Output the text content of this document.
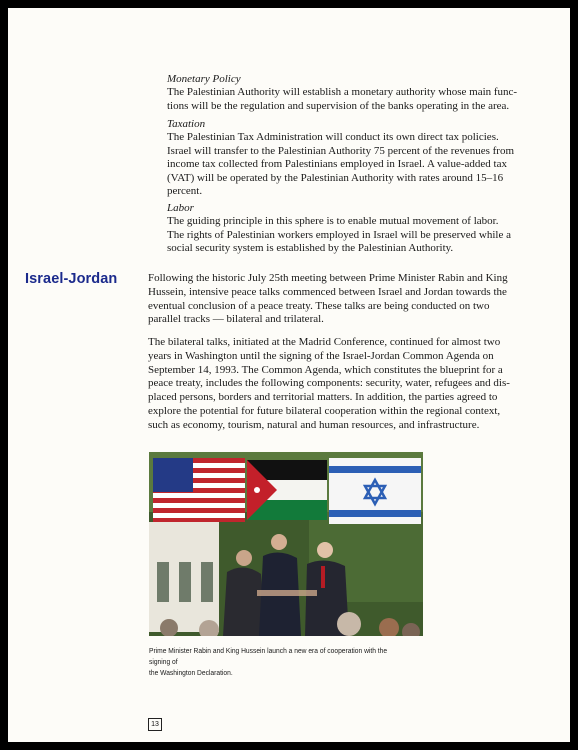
Monetary Policy

The Palestinian Authority will establish a monetary authority whose main func-

tions will be the regulation and supervision of the banks operating in the area.

Taxation

The Palestinian Tax Administration will conduct its own direct tax policies.

Israel will transfer to the Palestinian Authority 75 percent of the revenues from

income tax collected from Palestinians employed in Israel. A value-added tax

(VAT) will be operated by the Palestinian Authority with rates around 15–16

percent.

Labor

The guiding principle in this sphere is to enable mutual movement of labor.

The rights of Palestinian workers employed in Israel will be preserved while a

social security system is established by the Palestinian Authority.

Israel-Jordan	Following the historic July 25th meeting between Prime Minister Rabin and King

Hussein, intensive peace talks commenced between Israel and Jordan towards the

eventual conclusion of a peace treaty. These talks are being conducted on two

parallel tracks — bilateral and trilateral.

The bilateral talks, initiated at the Madrid Conference, continued for almost two

years in Washington until the signing of the Israel-Jordan Common Agenda on

September 14, 1993. The Common Agenda, which constitutes the blueprint for a

peace treaty, includes the following components: security, water, refugees and dis-

placed persons, borders and territorial matters. In addition, the parties agreed to

explore the potential for future bilateral cooperation within the regional context,

such as economy, tourism, natural and human resources, and infrastructure.

Prime Minister Rabin and King Hussein launch a new era of cooperation with the signing of

the Washington Declaration.

13
